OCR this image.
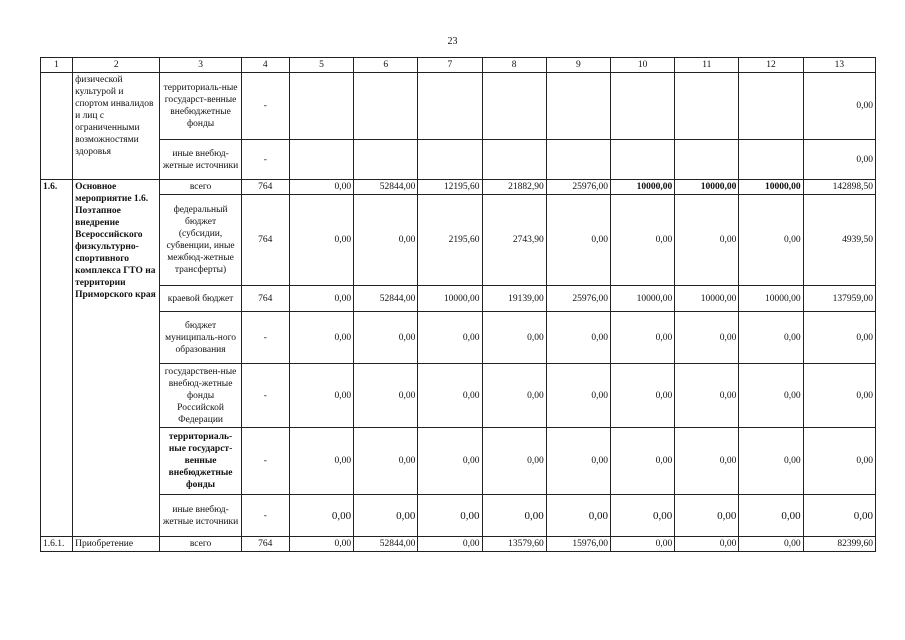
23
1	2	3	4	5	6	7	8	9	10	11	12	13
	физической культурой и спортом инвалидов и лиц с ограниченными возможностями здоровья	территориаль-ные государст-венные внебюджетные фонды	-									0,00
		иные внебюд-жетные источники	-									0,00
1.6.	Основное мероприятие 1.6. Поэтапное внедрение Всероссийского физкультурно-спортивного комплекса ГТО на территории Приморского края	всего	764	0,00	52844,00	12195,60	21882,90	25976,00	10000,00	10000,00	10000,00	142898,50
		федеральный бюджет (субсидии, субвенции, иные межбюд-жетные трансферты)	764	0,00	0,00	2195,60	2743,90	0,00	0,00	0,00	0,00	4939,50
		краевой бюджет	764	0,00	52844,00	10000,00	19139,00	25976,00	10000,00	10000,00	10000,00	137959,00
		бюджет муниципаль-ного образования	-	0,00	0,00	0,00	0,00	0,00	0,00	0,00	0,00	0,00
		государствен-ные внебюд-жетные фонды Российской Федерации	-	0,00	0,00	0,00	0,00	0,00	0,00	0,00	0,00	0,00
		территориаль-ные государст-венные внебюджетные фонды	-	0,00	0,00	0,00	0,00	0,00	0,00	0,00	0,00	0,00
		иные внебюд-жетные источники	-	0,00	0,00	0,00	0,00	0,00	0,00	0,00	0,00	0,00
1.6.1.	Приобретение	всего	764	0,00	52844,00	0,00	13579,60	15976,00	0,00	0,00	0,00	82399,60
